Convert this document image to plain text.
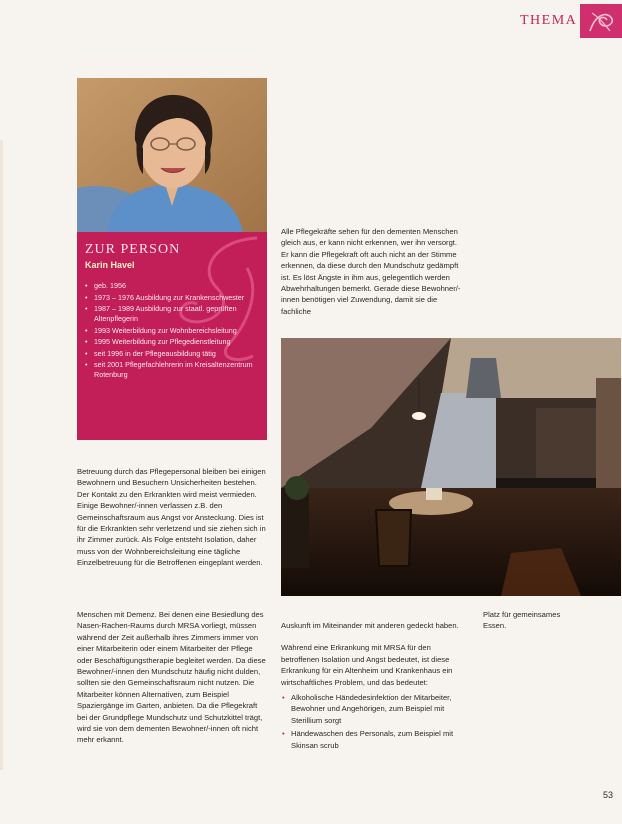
THEMA
ZUR PERSON
Karin Havel
• geb. 1956
• 1973 – 1976 Ausbildung zur Krankenschwester
• 1987 – 1989 Ausbildung zur staatl. geprüften Altenpflegerin
• 1993 Weiterbildung zur Wohnbereichsleitung
• 1995 Weiterbildung zur Pflegedienstleitung
• seit 1996 in der Pflegeausbildung tätig
• seit 2001 Pflegefachlehrerin im Kreisaltenzentrum Rotenburg

Alle Pflegekräfte sehen für den dementen Menschen gleich aus, er kann nicht erkennen, wer ihn versorgt. Er kann die Pflegekraft oft auch nicht an der Stimme erkennen, da diese durch den Mundschutz gedämpft ist. Es löst Ängste in ihm aus, gelegentlich werden Abwehrhaltungen bemerkt. Gerade diese Bewohner/-innen benötigen viel Zuwendung, damit sie die fachliche

Betreuung durch das Pflegepersonal bleiben bei einigen Bewohnern und Besuchern Unsicherheiten bestehen. Der Kontakt zu den Erkrankten wird meist vermieden. Einige Bewohner/-innen verlassen z.B. den Gemeinschaftsraum aus Angst vor Ansteckung. Dies ist für die Erkrankten sehr verletzend und sie ziehen sich in ihr Zimmer zurück. Als Folge entsteht Isolation, daher muss von der Wohnbereichsleitung eine tägliche Einzelbetreuung für die Betroffenen eingeplant werden.

Menschen mit Demenz. Bei denen eine Besiedlung des Nasen-Rachen-Raums durch MRSA vorliegt, müssen während der Zeit außerhalb ihres Zimmers immer von einer Mitarbeiterin oder einem Mitarbeiter der Pflege oder Beschäftigungstherapie begleitet werden. Da diese Bewohner/-innen den Mundschutz häufig nicht dulden, sollten sie den Gemeinschaftsraum nicht nutzen. Die Mitarbeiter können Alternativen, zum Beispiel Spaziergänge im Garten, anbieten. Da die Pflegekraft bei der Grundpflege Mundschutz und Schutzkittel trägt, wird sie von dem dementen Bewohner/-innen oft nicht mehr erkannt.

Auskunft im Miteinander mit anderen gedeckt haben.

Während eine Erkrankung mit MRSA für den betroffenen Isolation und Angst bedeutet, ist diese Erkrankung für ein Altenheim und Krankenhaus ein wirtschaftliches Problem, und das bedeutet:

• Alkoholische Händedesinfektion der Mitarbeiter, Bewohner und Angehörigen, zum Beispiel mit Sterillium sorgt
• Händewaschen des Personals, zum Beispiel mit Skinsan scrub
Platz für gemeinsames Essen.
53
